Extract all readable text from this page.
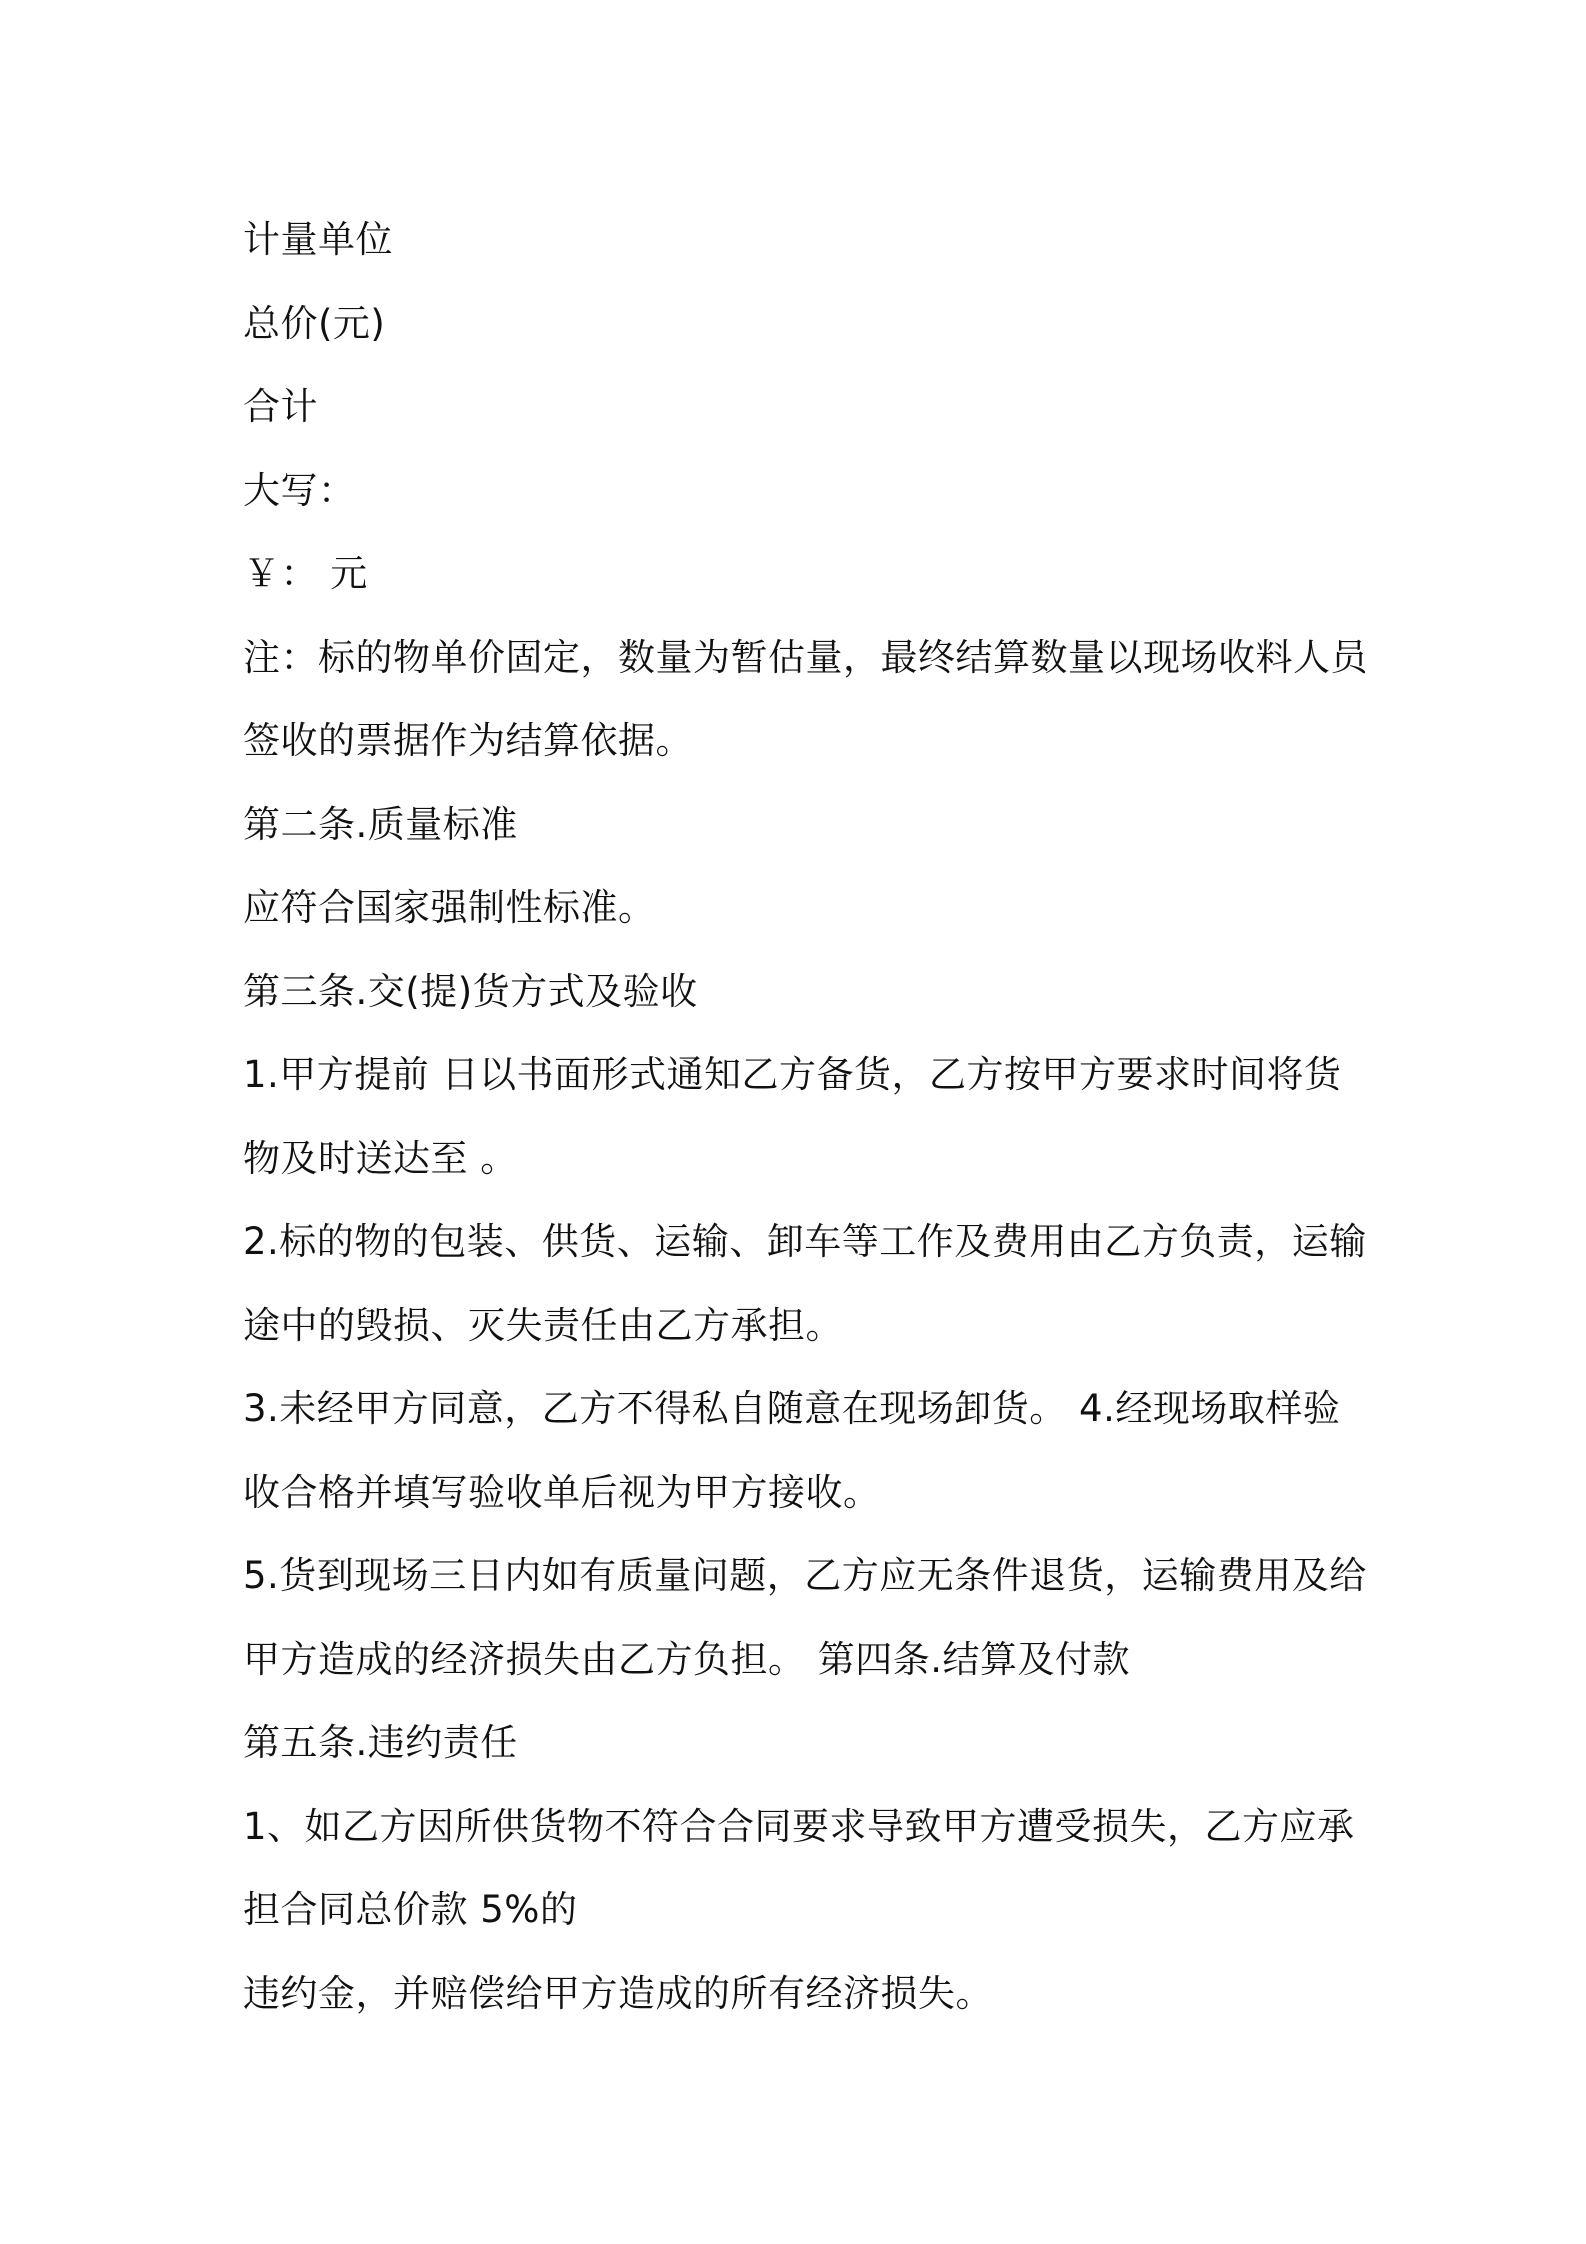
计量单位
总价(元)
合计
大写：
￥： 元
注：标的物单价固定，数量为暂估量，最终结算数量以现场收料人员
签收的票据作为结算依据。
第二条.质量标准
应符合国家强制性标准。
第三条.交(提)货方式及验收
1.甲方提前 日以书面形式通知乙方备货，乙方按甲方要求时间将货
物及时送达至 。
2.标的物的包装、供货、运输、卸车等工作及费用由乙方负责，运输
途中的毁损、灭失责任由乙方承担。
3.未经甲方同意，乙方不得私自随意在现场卸货。 4.经现场取样验
收合格并填写验收单后视为甲方接收。
5.货到现场三日内如有质量问题，乙方应无条件退货，运输费用及给
甲方造成的经济损失由乙方负担。 第四条.结算及付款
第五条.违约责任
1、如乙方因所供货物不符合合同要求导致甲方遭受损失，乙方应承
担合同总价款 5%的
违约金，并赔偿给甲方造成的所有经济损失。
